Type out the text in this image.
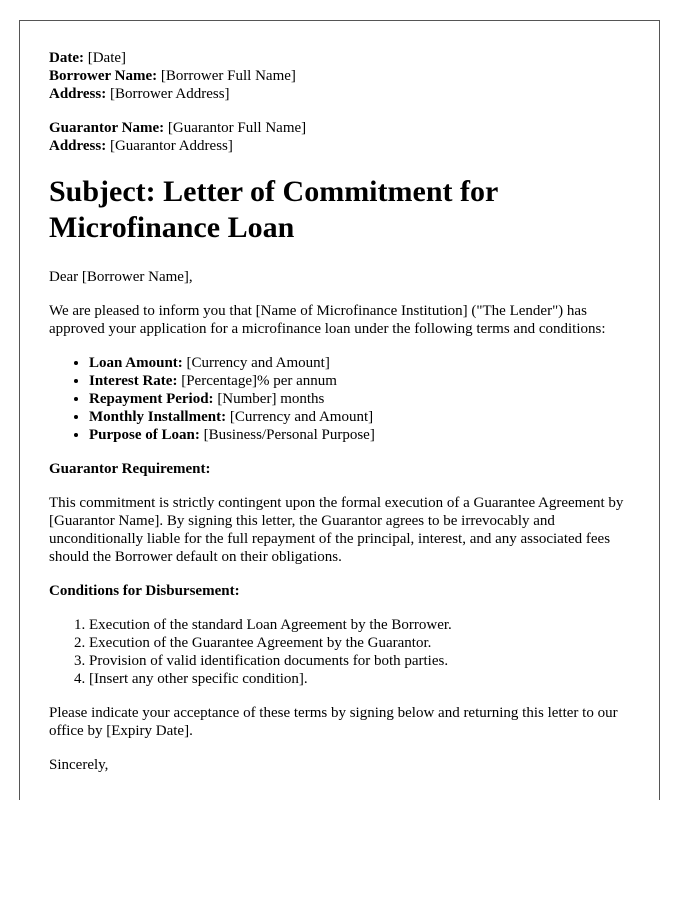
Date: [Date]

Borrower Name: [Borrower Full Name]

Address: [Borrower Address]

Guarantor Name: [Guarantor Full Name]

Address: [Guarantor Address]

Subject: Letter of Commitment for Microfinance Loan

Dear [Borrower Name],

We are pleased to inform you that [Name of Microfinance Institution] ("The Lender") has approved your application for a microfinance loan under the following terms and conditions:

• Loan Amount: [Currency and Amount]
• Interest Rate: [Percentage]% per annum
• Repayment Period: [Number] months
• Monthly Installment: [Currency and Amount]
• Purpose of Loan: [Business/Personal Purpose]

Guarantor Requirement:

This commitment is strictly contingent upon the formal execution of a Guarantee Agreement by [Guarantor Name]. By signing this letter, the Guarantor agrees to be irrevocably and unconditionally liable for the full repayment of the principal, interest, and any associated fees should the Borrower default on their obligations.

Conditions for Disbursement:

1. Execution of the standard Loan Agreement by the Borrower.
2. Execution of the Guarantee Agreement by the Guarantor.
3. Provision of valid identification documents for both parties.
4. [Insert any other specific condition].

Please indicate your acceptance of these terms by signing below and returning this letter to our office by [Expiry Date].

Sincerely,
